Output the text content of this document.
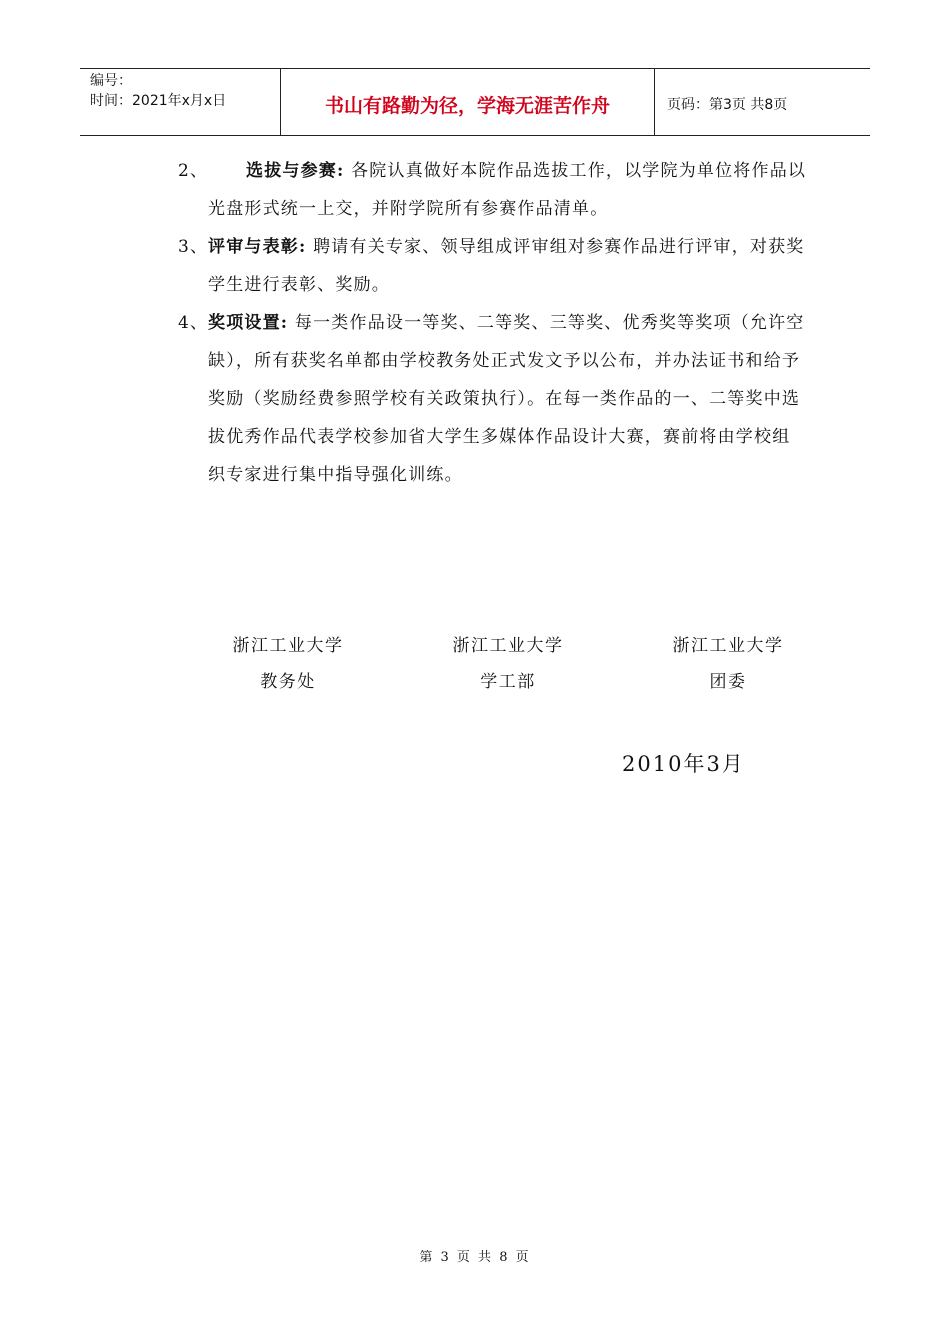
编号：
时间：2021年x月x日	书山有路勤为径，学海无涯苦作舟	页码：第3页 共8页
2、 选拔与参赛: 各院认真做好本院作品选拔工作，以学院为单位将作品以光盘形式统一上交，并附学院所有参赛作品清单。
3、 评审与表彰: 聘请有关专家、领导组成评审组对参赛作品进行评审，对获奖学生进行表彰、奖励。
4、 奖项设置: 每一类作品设一等奖、二等奖、三等奖、优秀奖等奖项（允许空缺），所有获奖名单都由学校教务处正式发文予以公布，并办法证书和给予奖励（奖励经费参照学校有关政策执行）。在每一类作品的一、二等奖中选拔优秀作品代表学校参加省大学生多媒体作品设计大赛，赛前将由学校组织专家进行集中指导强化训练。
浙江工业大学
教务处
浙江工业大学
学工部
浙江工业大学
团委
2010年3月
第 3 页 共 8 页
